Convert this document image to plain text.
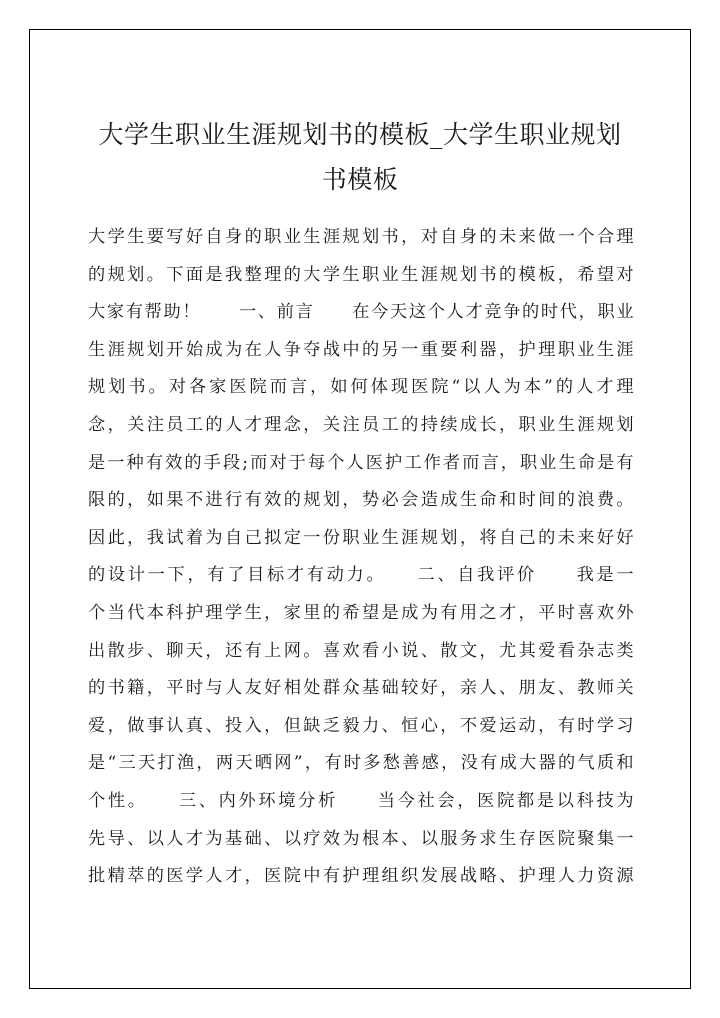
大学生职业生涯规划书的模板_大学生职业规划
书模板
大学生要写好自身的职业生涯规划书，对自身的未来做一个合理
的规划。下面是我整理的大学生职业生涯规划书的模板，希望对
大家有帮助！　　一、前言　　在今天这个人才竞争的时代，职业
生涯规划开始成为在人争夺战中的另一重要利器，护理职业生涯
规划书。对各家医院而言，如何体现医院“以人为本”的人才理
念，关注员工的人才理念，关注员工的持续成长，职业生涯规划
是一种有效的手段;而对于每个人医护工作者而言，职业生命是有
限的，如果不进行有效的规划，势必会造成生命和时间的浪费。
因此，我试着为自己拟定一份职业生涯规划，将自己的未来好好
的设计一下，有了目标才有动力。　　二、自我评价　　我是一
个当代本科护理学生，家里的希望是成为有用之才，平时喜欢外
出散步、聊天，还有上网。喜欢看小说、散文，尤其爱看杂志类
的书籍，平时与人友好相处群众基础较好，亲人、朋友、教师关
爱，做事认真、投入，但缺乏毅力、恒心，不爱运动，有时学习
是“三天打渔，两天晒网”，有时多愁善感，没有成大器的气质和
个性。　　三、内外环境分析　　当今社会，医院都是以科技为
先导、以人才为基础、以疗效为根本、以服务求生存医院聚集一
批精萃的医学人才，医院中有护理组织发展战略、护理人力资源
